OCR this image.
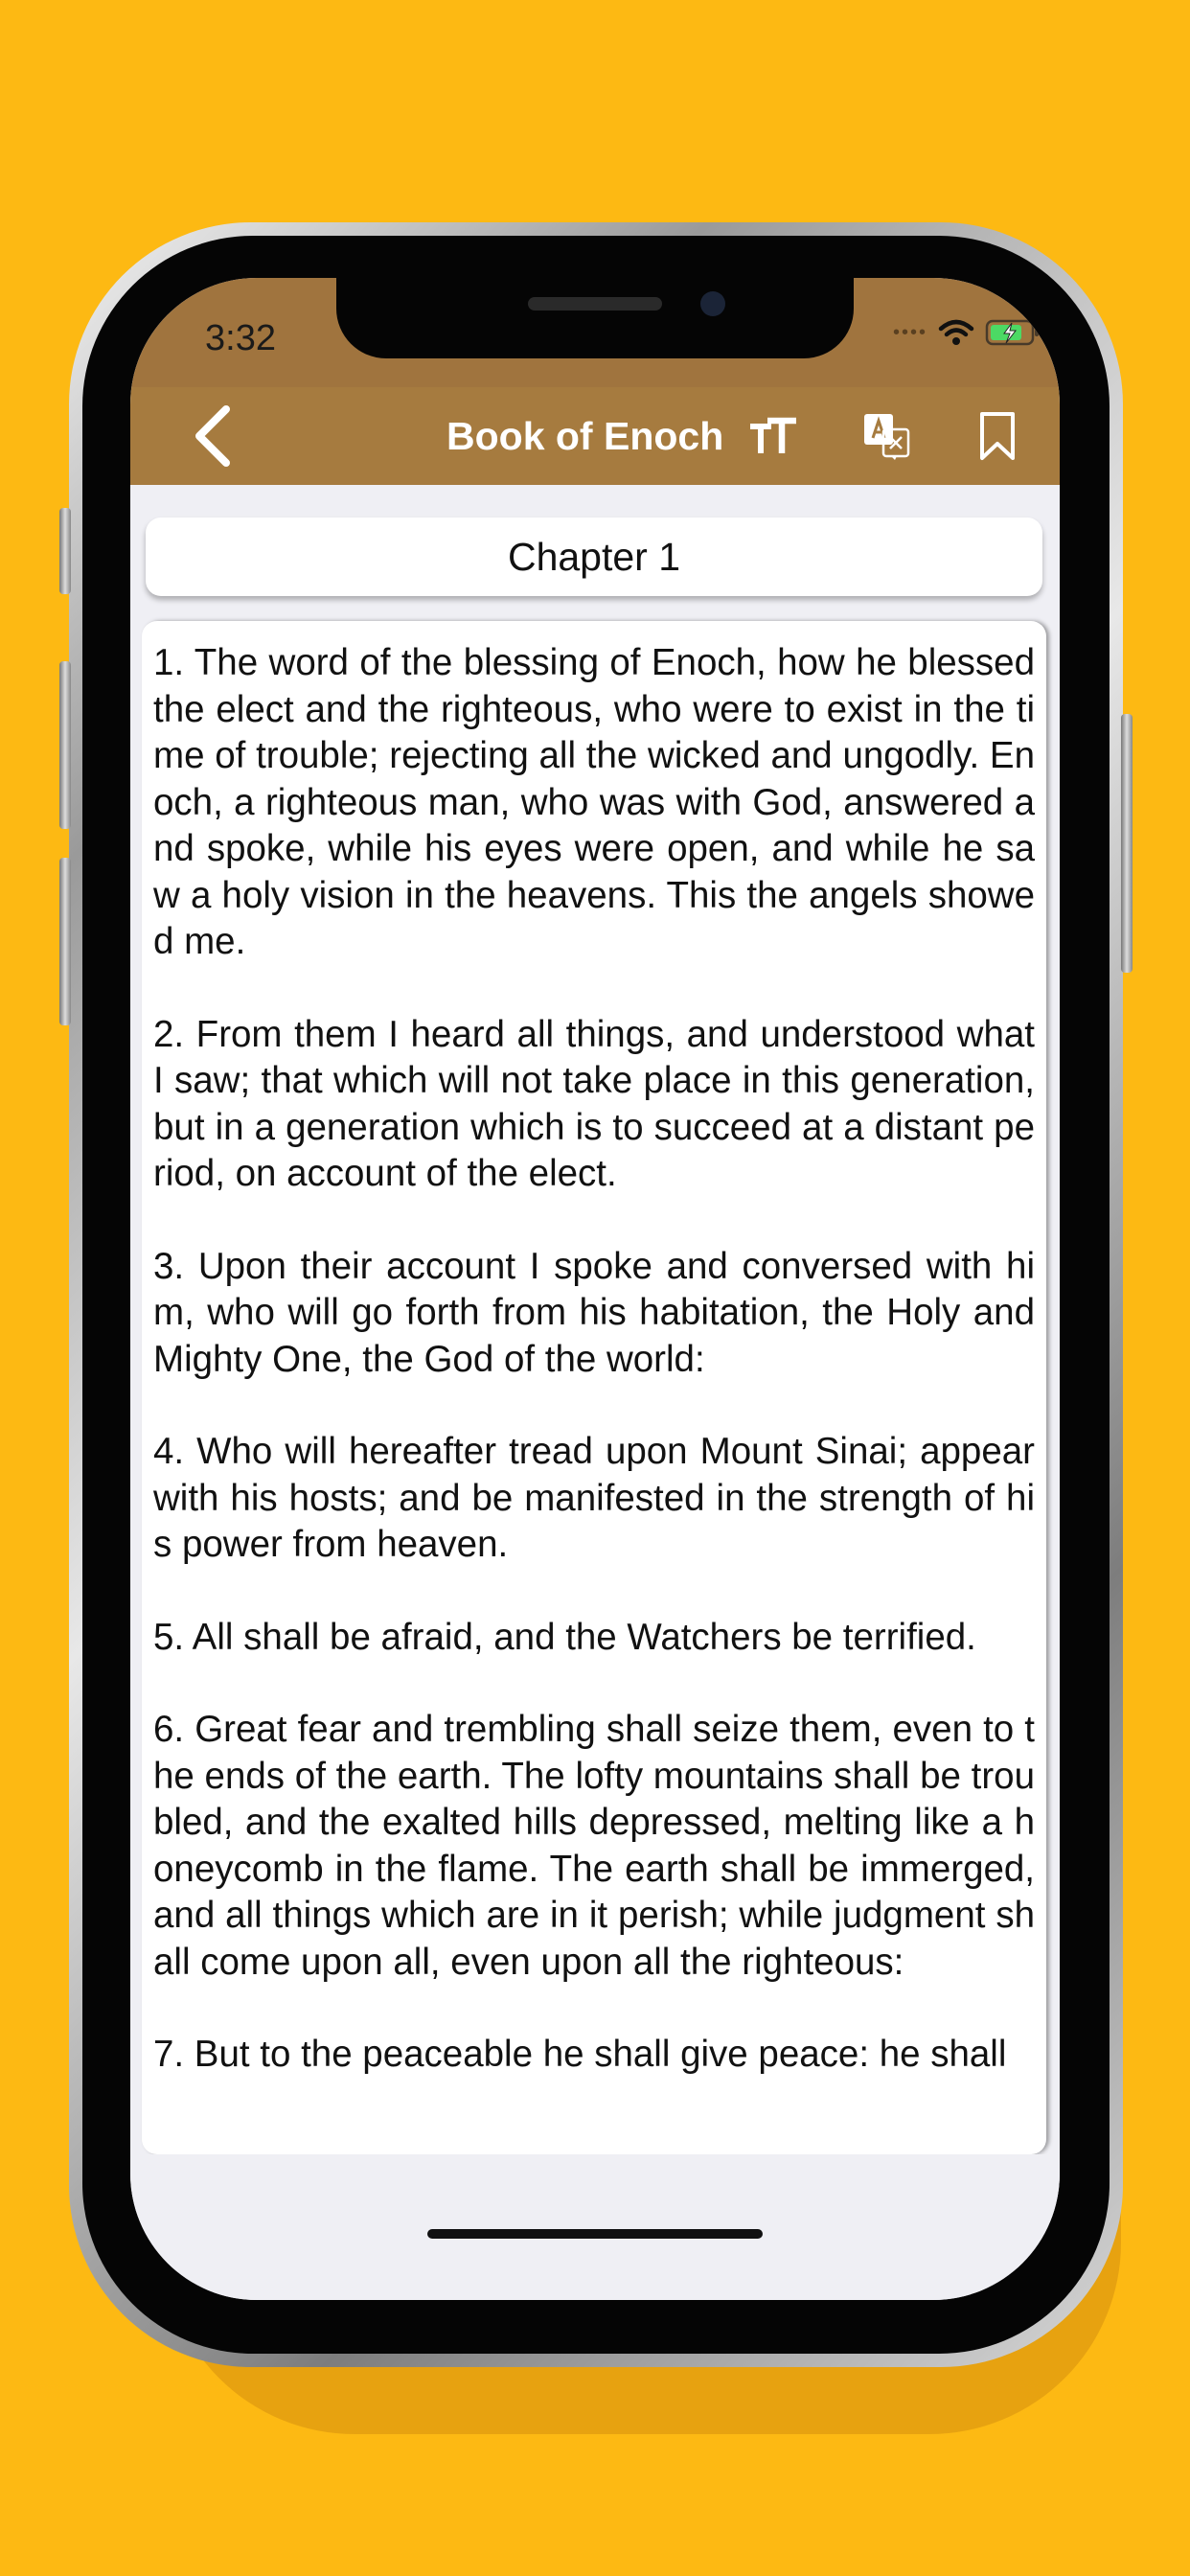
3:32	••••
Book of Enoch
Chapter 1

1. The word of the blessing of Enoch, how he blessed the elect and the righteous, who were to exist in the time of trouble; rejecting all the wicked and ungodly. Enoch, a righteous man, who was with God, answered and spoke, while his eyes were open, and while he saw a holy vision in the heavens. This the angels showed me.

2. From them I heard all things, and understood what I saw; that which will not take place in this generation, but in a generation which is to succeed at a distant period, on account of the elect.

3. Upon their account I spoke and conversed with him, who will go forth from his habitation, the Holy and Mighty One, the God of the world:

4. Who will hereafter tread upon Mount Sinai; appear with his hosts; and be manifested in the strength of his power from heaven.

5. All shall be afraid, and the Watchers be terrified.

6. Great fear and trembling shall seize them, even to the ends of the earth. The lofty mountains shall be troubled, and the exalted hills depressed, melting like a honeycomb in the flame. The earth shall be immerged, and all things which are in it perish; while judgment shall come upon all, even upon all the righteous:

7. But to the peaceable he shall give peace: he shall
